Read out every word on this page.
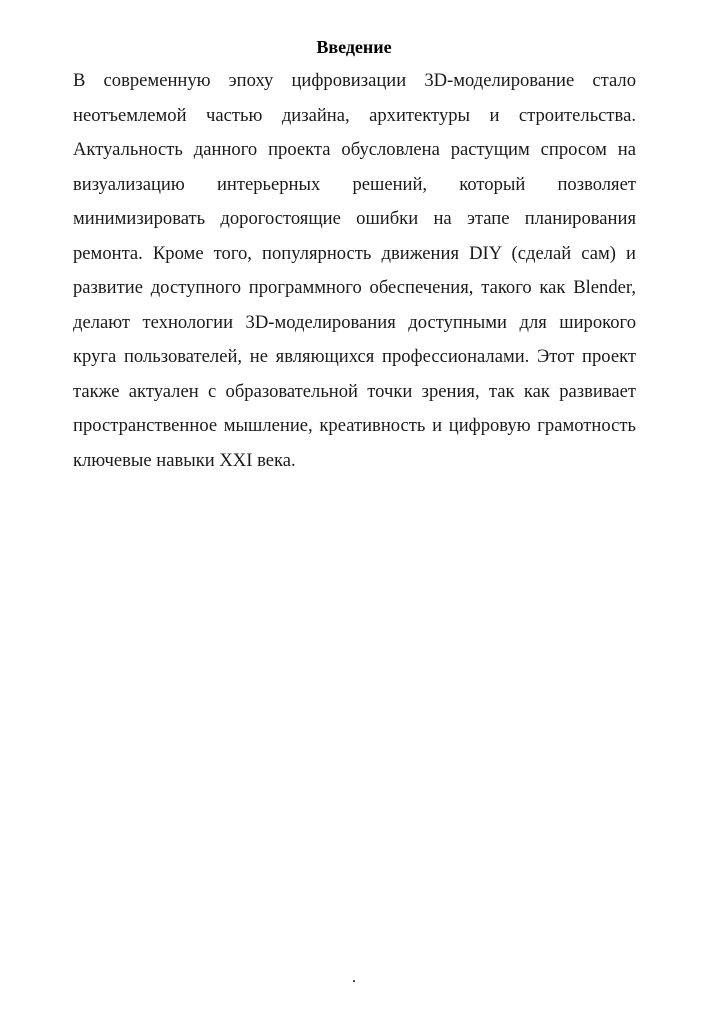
Введение
В современную эпоху цифровизации 3D-моделирование стало
неотъемлемой частью дизайна, архитектуры и строительства.
Актуальность данного проекта обусловлена растущим спросом на
визуализацию интерьерных решений, который позволяет
минимизировать дорогостоящие ошибки на этапе планирования
ремонта. Кроме того, популярность движения DIY (сделай сам) и
развитие доступного программного обеспечения, такого как Blender,
делают технологии 3D-моделирования доступными для широкого
круга пользователей, не являющихся профессионалами. Этот проект
также актуален с образовательной точки зрения, так как развивает
пространственное мышление, креативность и цифровую грамотность
ключевые навыки XXI века.
.
